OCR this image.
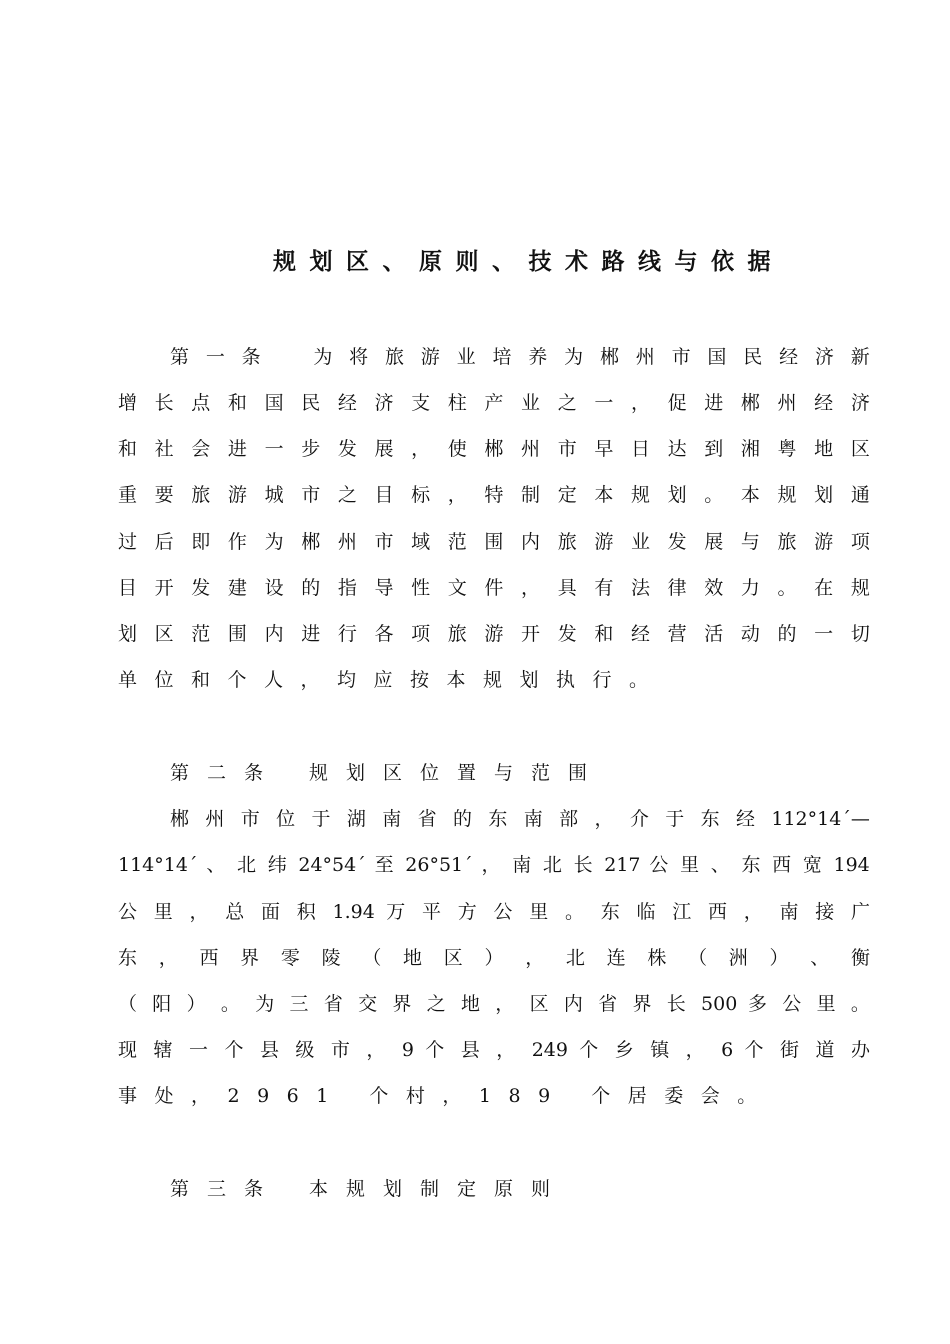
规划区、原则、技术路线与依据
第 一 条 　 为 将 旅 游 业 培 养 为 郴 州 市 国 民 经 济 新
增 长 点 和 国 民 经 济 支 柱 产 业 之 一 ， 促 进 郴 州 经 济
和 社 会 进 一 步 发 展 ， 使 郴 州 市 早 日 达 到 湘 粤 地 区
重 要 旅 游 城 市 之 目 标 ， 特 制 定 本 规 划 。 本 规 划 通
过 后 即 作 为 郴 州 市 域 范 围 内 旅 游 业 发 展 与 旅 游 项
目 开 发 建 设 的 指 导 性 文 件 ， 具 有 法 律 效 力 。 在 规
划 区 范 围 内 进 行 各 项 旅 游 开 发 和 经 营 活 动 的 一 切
单位和个人，均应按本规划执行。
第二条 规划区位置与范围
郴 州 市 位 于 湖 南 省 的 东 南 部 ， 介 于 东 经 112°14´—
114°14´ 、 北 纬 24°54´ 至 26°51´ ， 南 北 长 217 公 里 、 东 西 宽 194
公 里 ， 总 面 积 1.94 万 平 方 公 里 。 东 临 江 西 ， 南 接 广
东 ， 西 界 零 陵 （ 地 区 ） ， 北 连 株 （ 洲 ） 、 衡
（ 阳 ） 。 为 三 省 交 界 之 地 ， 区 内 省 界 长 500 多 公 里 。
现 辖 一 个 县 级 市 ， 9 个 县 ， 249 个 乡 镇 ， 6 个 街 道 办
事处，2961 个村，189 个居委会。
第三条 本规划制定原则
